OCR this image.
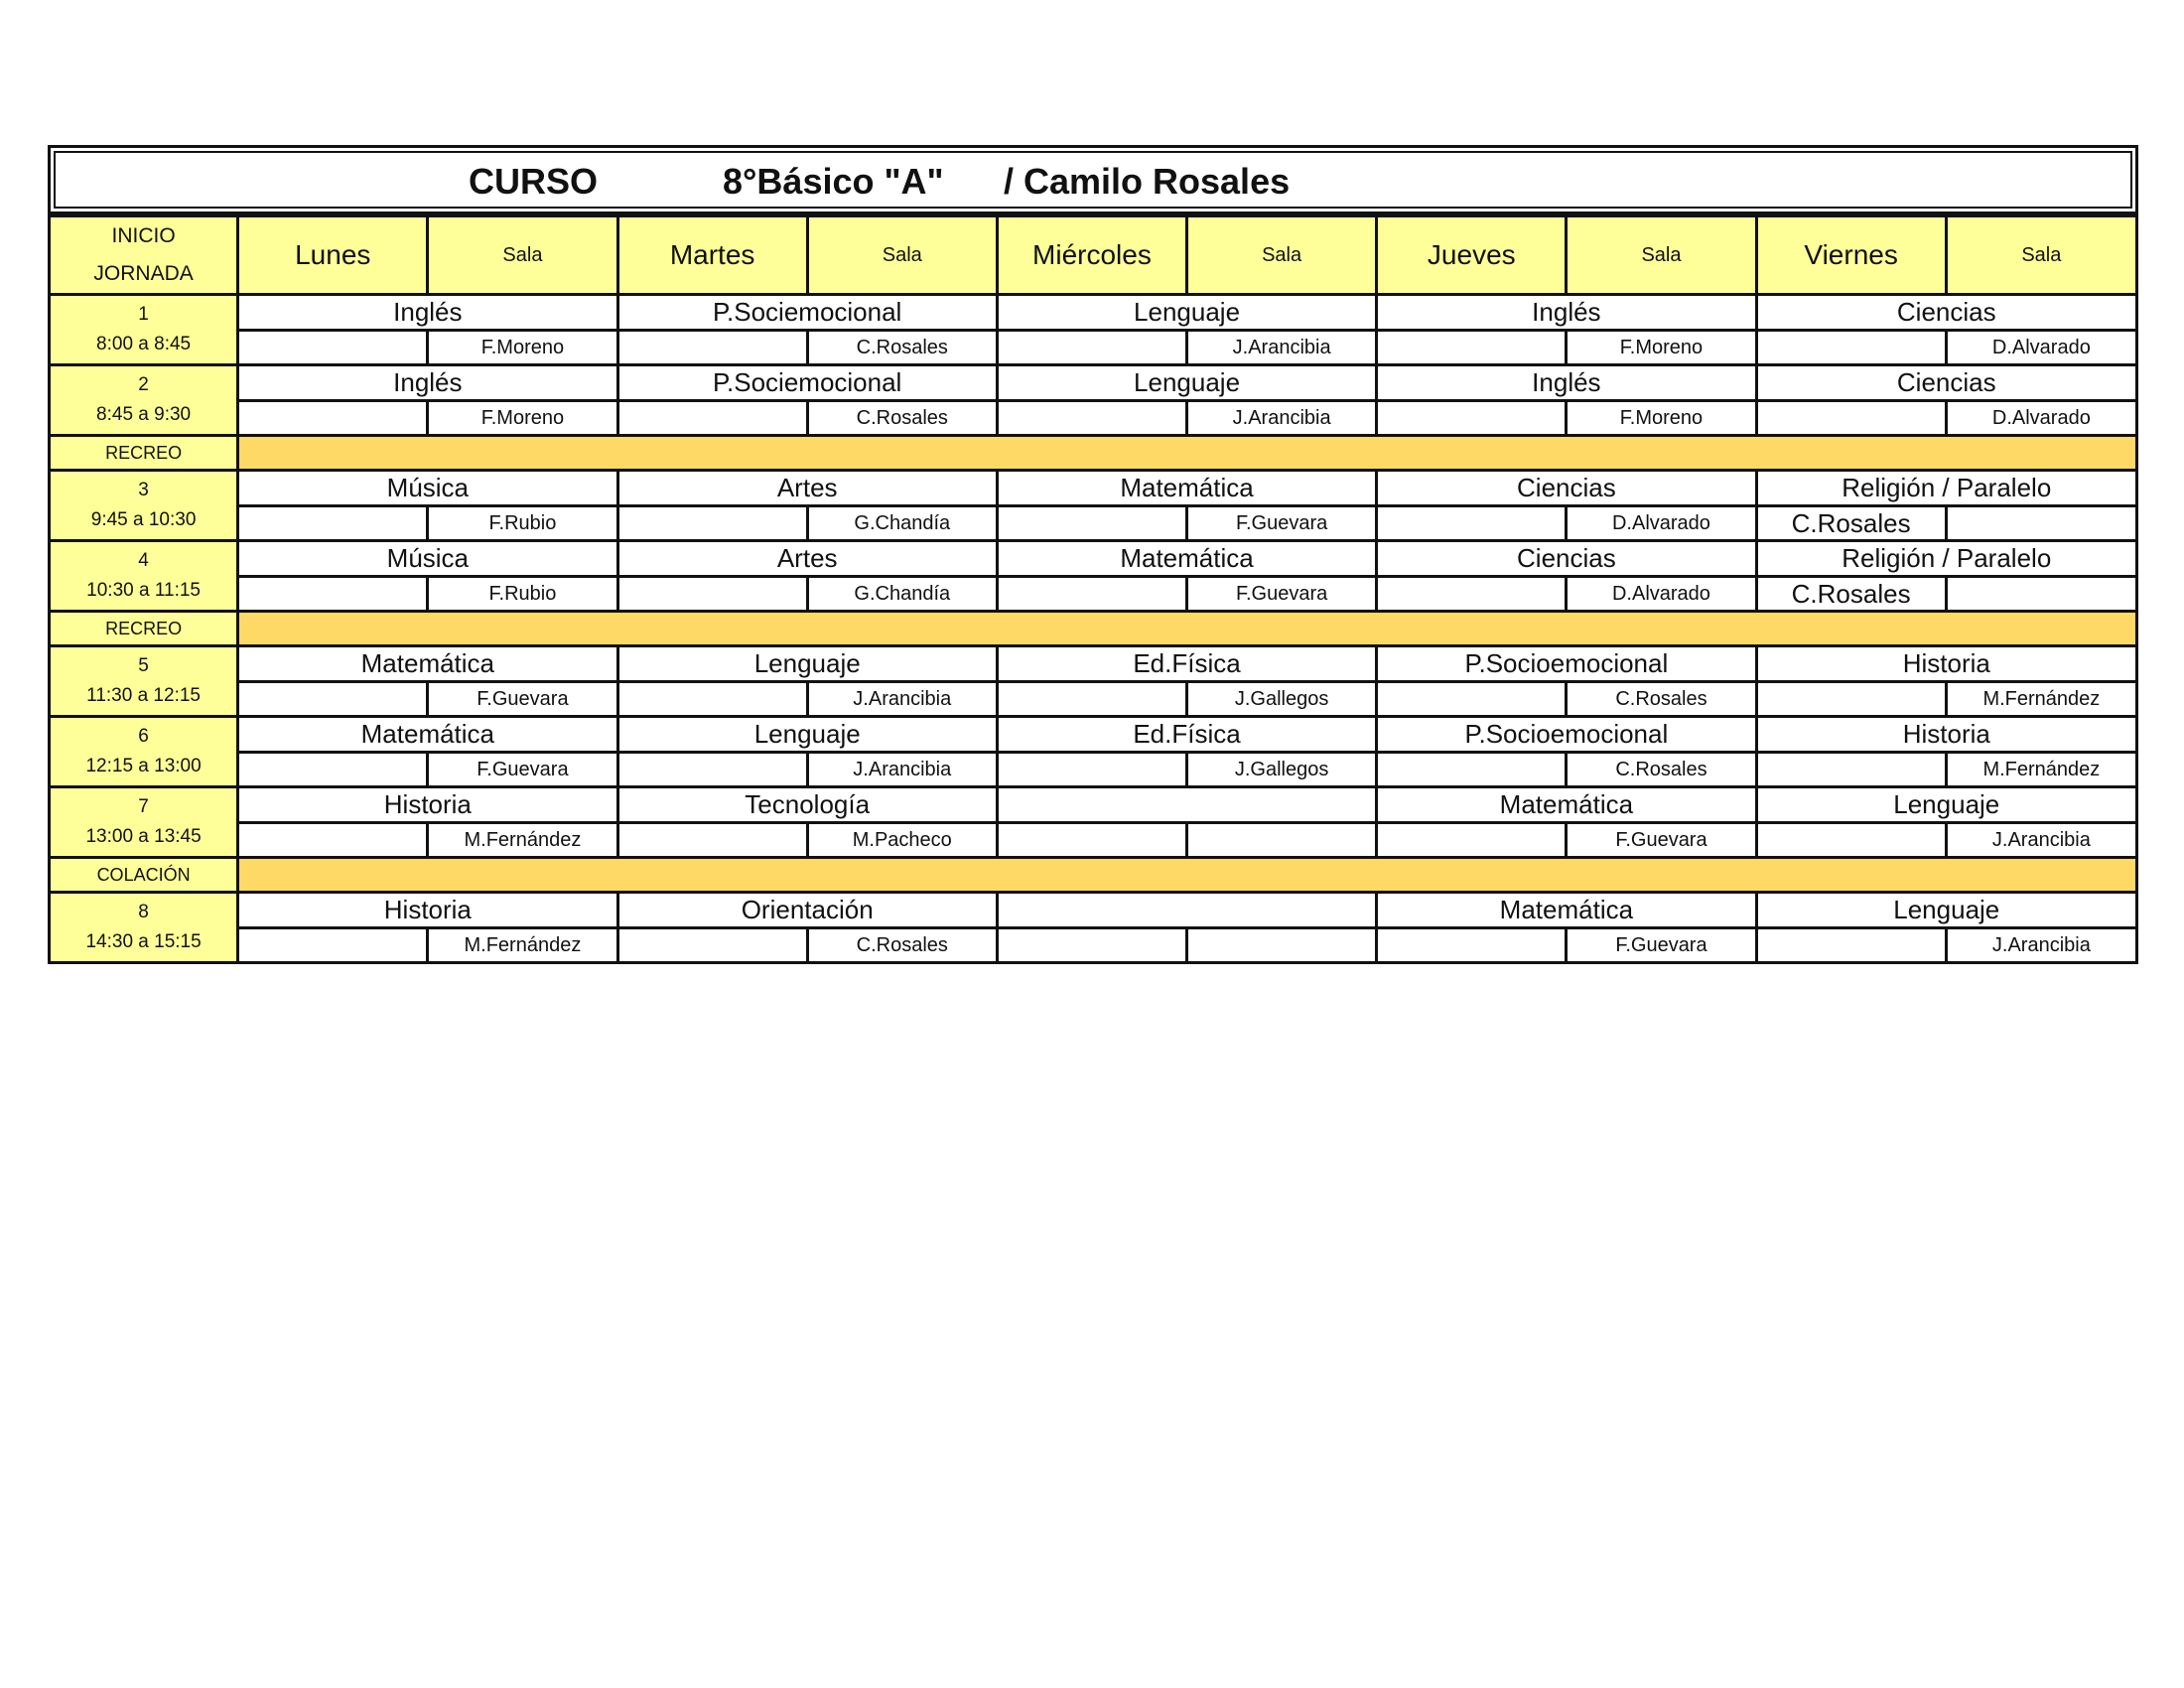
CURSO	8°Básico "A" / Camilo Rosales
INICIO
JORNADA	Lunes	Sala	Martes	Sala	Miércoles	Sala	Jueves	Sala	Viernes	Sala

1
8:00 a 8:45	Inglés		P.Sociemocional		Lenguaje		Inglés		Ciencias	
		F.Moreno		C.Rosales		J.Arancibia		F.Moreno		D.Alvarado

2
8:45 a 9:30	Inglés		P.Sociemocional		Lenguaje		Inglés		Ciencias	
		F.Moreno		C.Rosales		J.Arancibia		F.Moreno		D.Alvarado
RECREO										

3
9:45 a 10:30	Música		Artes		Matemática		Ciencias		Religión / Paralelo	
		F.Rubio		G.Chandía		F.Guevara		D.Alvarado	C.Rosales	

4
10:30 a 11:15	Música		Artes		Matemática		Ciencias		Religión / Paralelo	
		F.Rubio		G.Chandía		F.Guevara		D.Alvarado	C.Rosales	
RECREO										

5
11:30 a 12:15	Matemática		Lenguaje		Ed.Física		P.Socioemocional		Historia	
		F.Guevara		J.Arancibia		J.Gallegos		C.Rosales		M.Fernández

6
12:15 a 13:00	Matemática		Lenguaje		Ed.Física		P.Socioemocional		Historia	
		F.Guevara		J.Arancibia		J.Gallegos		C.Rosales		M.Fernández

7
13:00 a 13:45	Historia		Tecnología				Matemática		Lenguaje	
		M.Fernández		M.Pacheco				F.Guevara		J.Arancibia
COLACIÓN										

8
14:30 a 15:15	Historia		Orientación				Matemática		Lenguaje	
		M.Fernández		C.Rosales				F.Guevara		J.Arancibia
